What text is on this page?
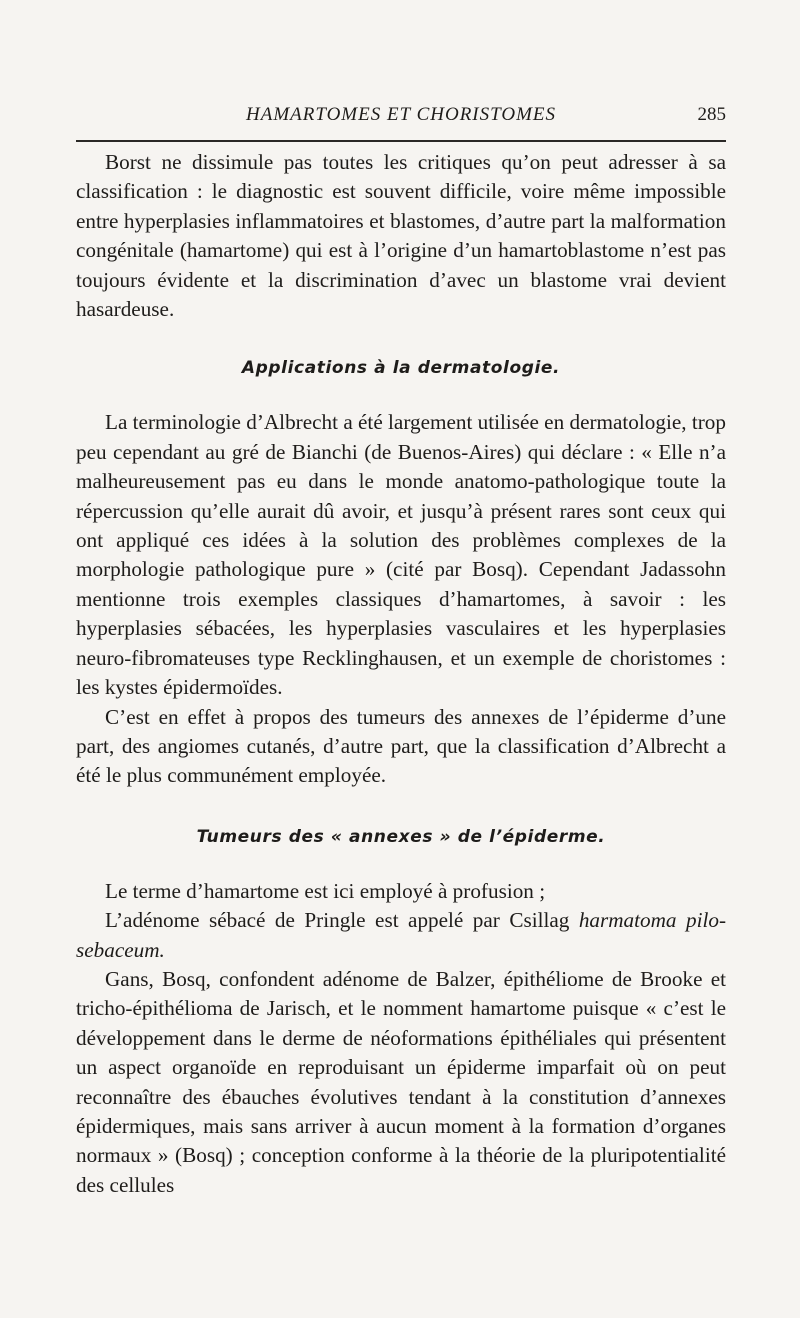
HAMARTOMES ET CHORISTOMES	285

Borst ne dissimule pas toutes les critiques qu’on peut adresser à sa classification : le diagnostic est souvent difficile, voire même impossible entre hyperplasies inflammatoires et blastomes, d’autre part la malformation congénitale (hamartome) qui est à l’origine d’un hamartoblastome n’est pas toujours évidente et la discrimination d’avec un blastome vrai devient hasardeuse.

Applications à la dermatologie.

La terminologie d’Albrecht a été largement utilisée en dermatologie, trop peu cependant au gré de Bianchi (de Buenos-Aires) qui déclare : « Elle n’a malheureusement pas eu dans le monde anatomo-pathologique toute la répercussion qu’elle aurait dû avoir, et jusqu’à présent rares sont ceux qui ont appliqué ces idées à la solution des problèmes complexes de la morphologie pathologique pure » (cité par Bosq). Cependant Jadassohn mentionne trois exemples classiques d’hamartomes, à savoir : les hyperplasies sébacées, les hyperplasies vasculaires et les hyperplasies neuro-fibromateuses type Recklinghausen, et un exemple de choristomes : les kystes épidermoïdes.

C’est en effet à propos des tumeurs des annexes de l’épiderme d’une part, des angiomes cutanés, d’autre part, que la classification d’Albrecht a été le plus communément employée.

Tumeurs des « annexes » de l’épiderme.

Le terme d’hamartome est ici employé à profusion ;

L’adénome sébacé de Pringle est appelé par Csillag harmatoma pilo-sebaceum.

Gans, Bosq, confondent adénome de Balzer, épithéliome de Brooke et tricho-épithélioma de Jarisch, et le nomment hamartome puisque « c’est le développement dans le derme de néoformations épithéliales qui présentent un aspect organoïde en reproduisant un épiderme imparfait où on peut reconnaître des ébauches évolutives tendant à la constitution d’annexes épidermiques, mais sans arriver à aucun moment à la formation d’organes normaux » (Bosq) ; conception conforme à la théorie de la pluripotentialité des cellules
